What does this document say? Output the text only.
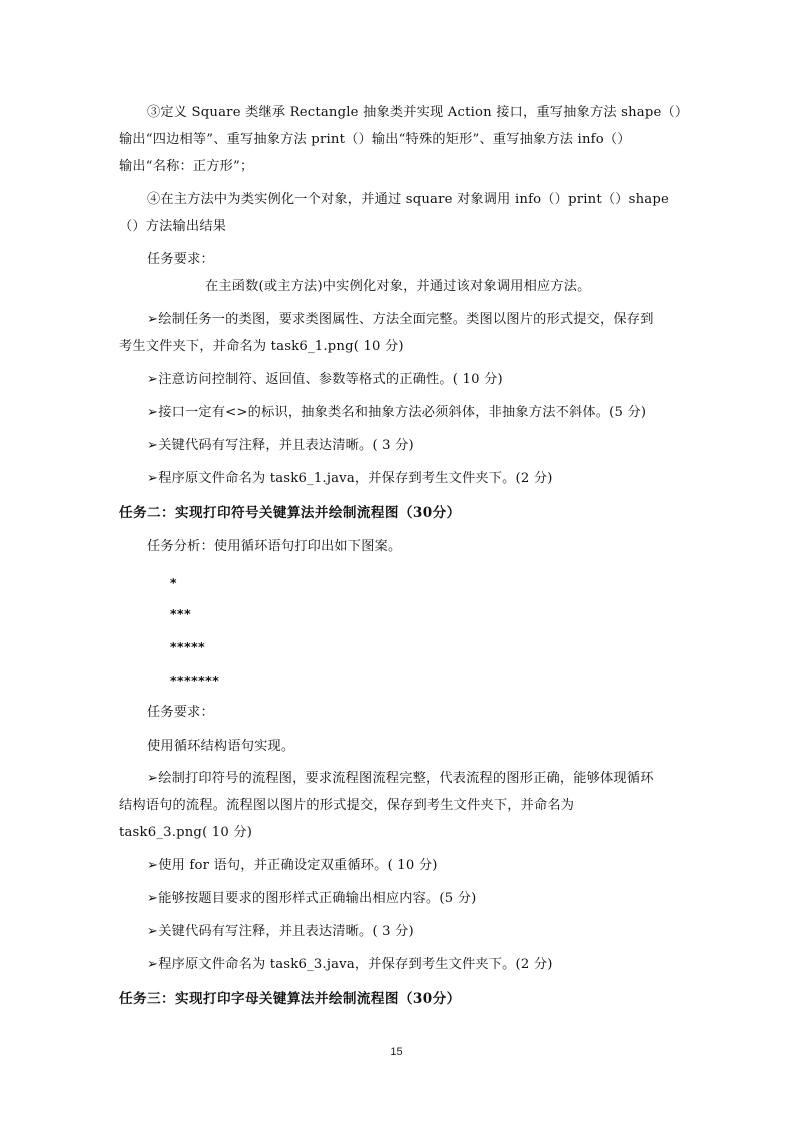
③定义 Square 类继承 Rectangle 抽象类并实现 Action 接口，重写抽象方法 shape（）
输出“四边相等”、重写抽象方法 print（）输出“特殊的矩形”、重写抽象方法 info（）
输出“名称：正方形”；
④在主方法中为类实例化一个对象，并通过 square 对象调用 info（）print（）shape
（）方法输出结果
任务要求：
在主函数(或主方法)中实例化对象，并通过该对象调用相应方法。
➢绘制任务一的类图，要求类图属性、方法全面完整。类图以图片的形式提交，保存到
考生文件夹下，并命名为 task6_1.png( 10 分)
➢注意访问控制符、返回值、参数等格式的正确性。( 10 分)
➢接口一定有<>的标识，抽象类名和抽象方法必须斜体，非抽象方法不斜体。(5 分)
➢关键代码有写注释，并且表达清晰。( 3 分)
➢程序原文件命名为 task6_1.java，并保存到考生文件夹下。(2 分)
任务二：实现打印符号关键算法并绘制流程图（30分）
任务分析：使用循环语句打印出如下图案。
*
***
*****
*******
任务要求：
使用循环结构语句实现。
➢绘制打印符号的流程图，要求流程图流程完整，代表流程的图形正确，能够体现循环
结构语句的流程。流程图以图片的形式提交，保存到考生文件夹下，并命名为
task6_3.png( 10 分)
➢使用 for 语句，并正确设定双重循环。( 10 分)
➢能够按题目要求的图形样式正确输出相应内容。(5 分)
➢关键代码有写注释，并且表达清晰。( 3 分)
➢程序原文件命名为 task6_3.java，并保存到考生文件夹下。(2 分)
任务三：实现打印字母关键算法并绘制流程图（30分）
15
